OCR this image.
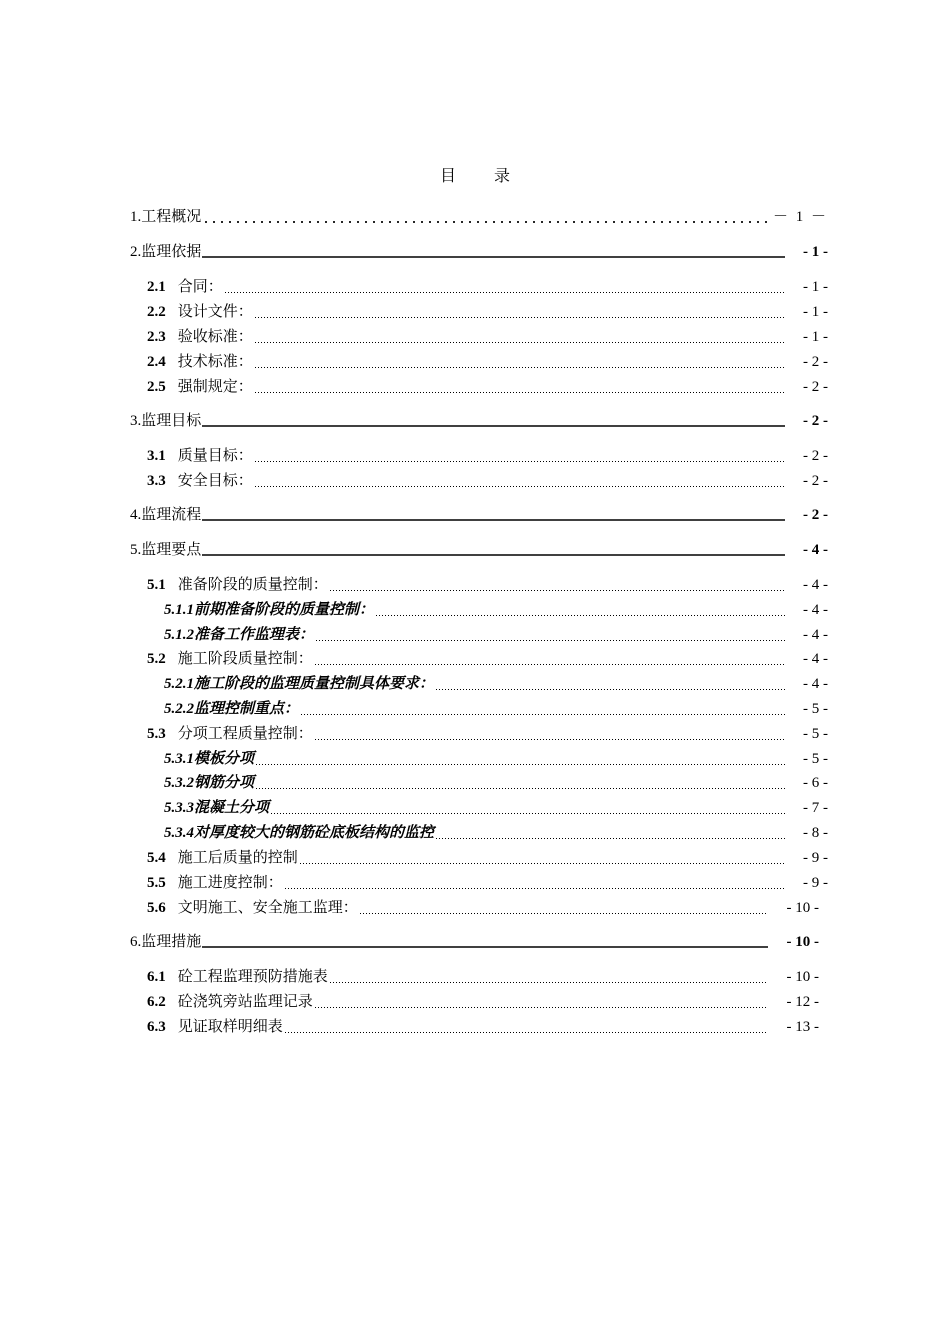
目 录
1. 工程概况	－ 1 －
2. 监理依据	- 1 -
2.1 合同：	- 1 -
2.2 设计文件：	- 1 -
2.3 验收标准：	- 1 -
2.4 技术标准：	- 2 -
2.5 强制规定：	- 2 -
3. 监理目标	- 2 -
3.1 质量目标：	- 2 -
3.3 安全目标：	- 2 -
4. 监理流程	- 2 -
5. 监理要点	- 4 -
5.1 准备阶段的质量控制：	- 4 -
5.1.1 前期准备阶段的质量控制：	- 4 -
5.1.2 准备工作监理表：	- 4 -
5.2 施工阶段质量控制：	- 4 -
5.2.1 施工阶段的监理质量控制具体要求：	- 4 -
5.2.2 监理控制重点：	- 5 -
5.3 分项工程质量控制：	- 5 -
5.3.1 模板分项	- 5 -
5.3.2 钢筋分项	- 6 -
5.3.3 混凝土分项	- 7 -
5.3.4 对厚度较大的钢筋砼底板结构的监控	- 8 -
5.4 施工后质量的控制	- 9 -
5.5 施工进度控制：	- 9 -
5.6 文明施工、安全施工监理：	- 10 -
6. 监理措施	- 10 -
6.1 砼工程监理预防措施表	- 10 -
6.2 砼浇筑旁站监理记录	- 12 -
6.3 见证取样明细表	- 13 -
